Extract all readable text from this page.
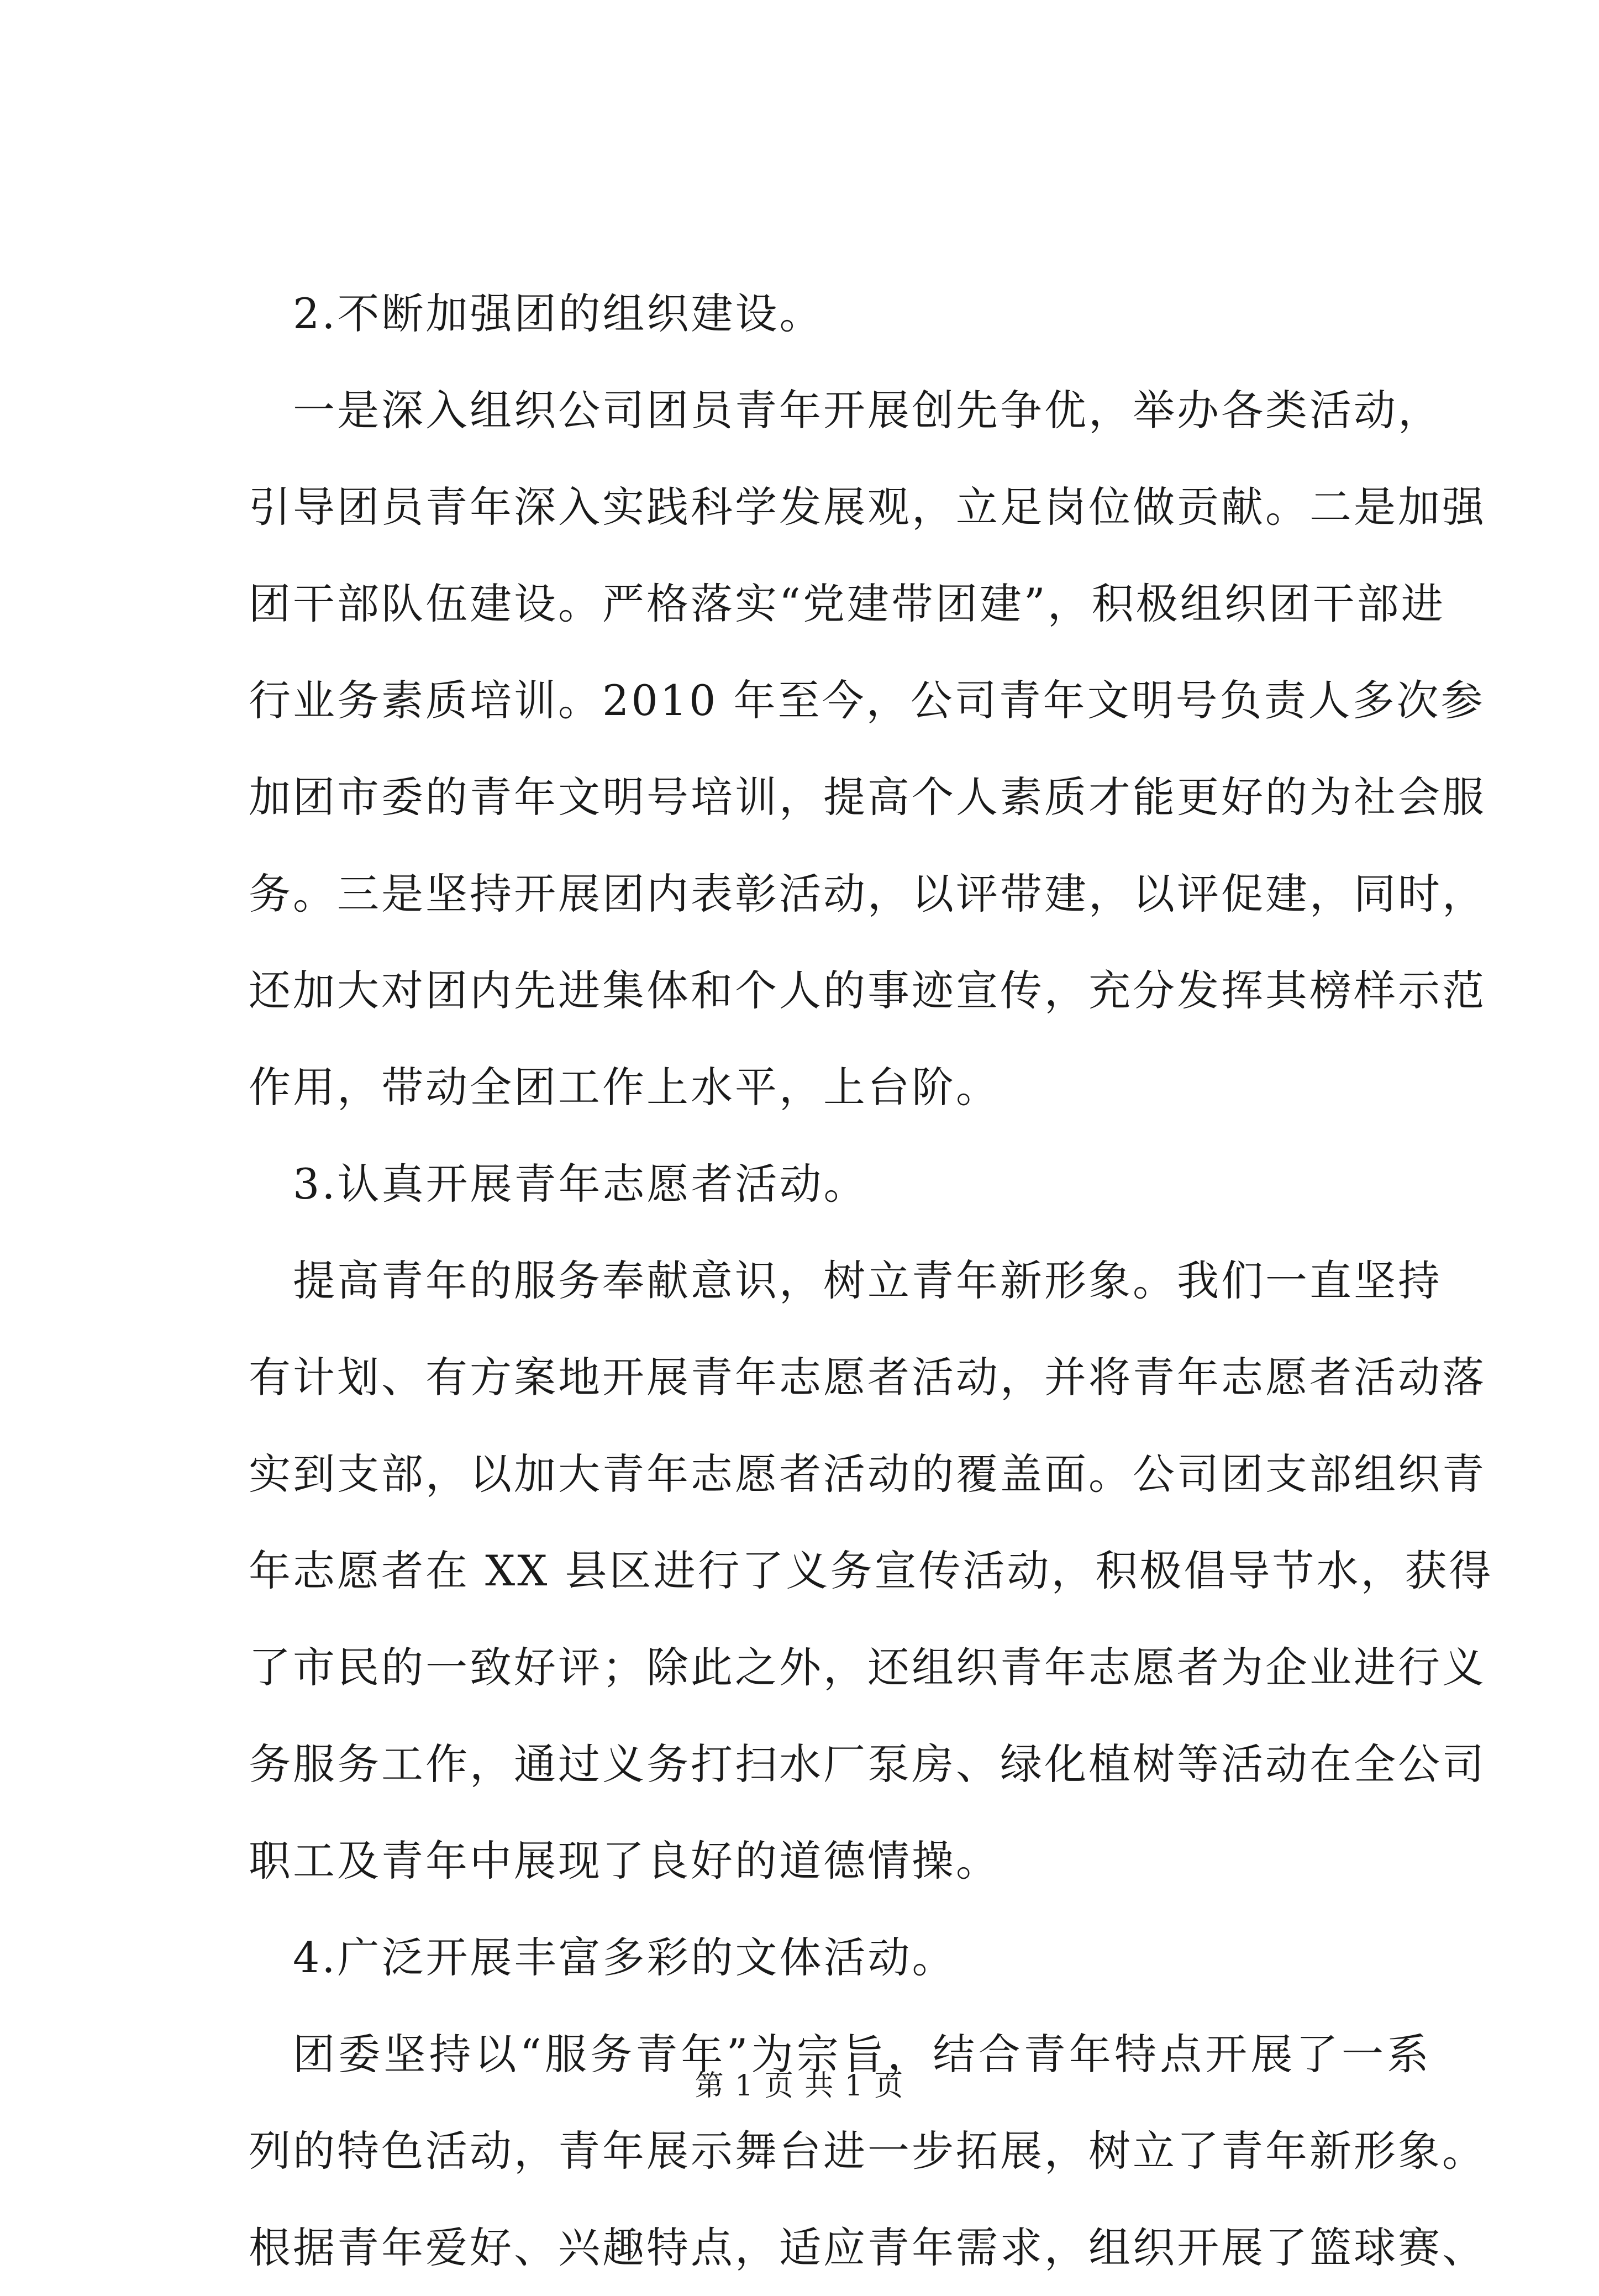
2.不断加强团的组织建设。
一是深入组织公司团员青年开展创先争优，举办各类活动，
引导团员青年深入实践科学发展观，立足岗位做贡献。二是加强
团干部队伍建设。严格落实“党建带团建”，积极组织团干部进
行业务素质培训。2010 年至今，公司青年文明号负责人多次参
加团市委的青年文明号培训，提高个人素质才能更好的为社会服
务。三是坚持开展团内表彰活动，以评带建，以评促建，同时，
还加大对团内先进集体和个人的事迹宣传，充分发挥其榜样示范
作用，带动全团工作上水平，上台阶。
3.认真开展青年志愿者活动。
提高青年的服务奉献意识，树立青年新形象。我们一直坚持
有计划、有方案地开展青年志愿者活动，并将青年志愿者活动落
实到支部，以加大青年志愿者活动的覆盖面。公司团支部组织青
年志愿者在 XX 县区进行了义务宣传活动，积极倡导节水，获得
了市民的一致好评；除此之外，还组织青年志愿者为企业进行义
务服务工作，通过义务打扫水厂泵房、绿化植树等活动在全公司
职工及青年中展现了良好的道德情操。
4.广泛开展丰富多彩的文体活动。
团委坚持以“服务青年”为宗旨，结合青年特点开展了一系
列的特色活动，青年展示舞台进一步拓展，树立了青年新形象。
根据青年爱好、兴趣特点，适应青年需求，组织开展了篮球赛、
第 1 页 共 1 页
